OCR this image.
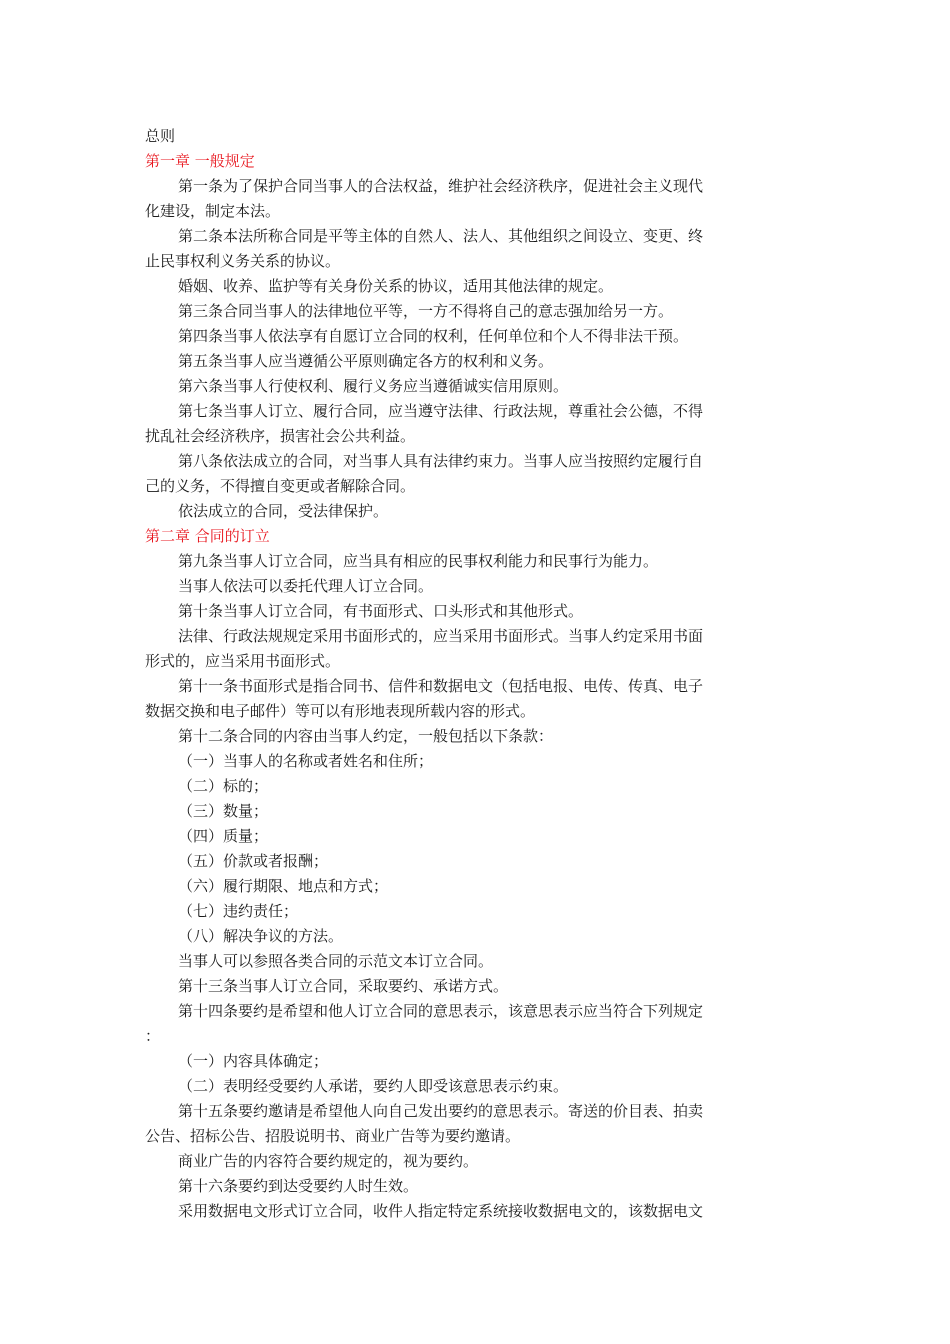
总则
第一章 一般规定
第一条为了保护合同当事人的合法权益，维护社会经济秩序，促进社会主义现代
化建设，制定本法。
第二条本法所称合同是平等主体的自然人、法人、其他组织之间设立、变更、终
止民事权利义务关系的协议。
婚姻、收养、监护等有关身份关系的协议，适用其他法律的规定。
第三条合同当事人的法律地位平等，一方不得将自己的意志强加给另一方。
第四条当事人依法享有自愿订立合同的权利，任何单位和个人不得非法干预。
第五条当事人应当遵循公平原则确定各方的权利和义务。
第六条当事人行使权利、履行义务应当遵循诚实信用原则。
第七条当事人订立、履行合同，应当遵守法律、行政法规，尊重社会公德，不得
扰乱社会经济秩序，损害社会公共利益。
第八条依法成立的合同，对当事人具有法律约束力。当事人应当按照约定履行自
己的义务，不得擅自变更或者解除合同。
依法成立的合同，受法律保护。
第二章 合同的订立
第九条当事人订立合同，应当具有相应的民事权利能力和民事行为能力。
当事人依法可以委托代理人订立合同。
第十条当事人订立合同，有书面形式、口头形式和其他形式。
法律、行政法规规定采用书面形式的，应当采用书面形式。当事人约定采用书面
形式的，应当采用书面形式。
第十一条书面形式是指合同书、信件和数据电文（包括电报、电传、传真、电子
数据交换和电子邮件）等可以有形地表现所载内容的形式。
第十二条合同的内容由当事人约定，一般包括以下条款：
（一）当事人的名称或者姓名和住所；
（二）标的；
（三）数量；
（四）质量；
（五）价款或者报酬；
（六）履行期限、地点和方式；
（七）违约责任；
（八）解决争议的方法。
当事人可以参照各类合同的示范文本订立合同。
第十三条当事人订立合同，采取要约、承诺方式。
第十四条要约是希望和他人订立合同的意思表示，该意思表示应当符合下列规定
：
（一）内容具体确定；
（二）表明经受要约人承诺，要约人即受该意思表示约束。
第十五条要约邀请是希望他人向自己发出要约的意思表示。寄送的价目表、拍卖
公告、招标公告、招股说明书、商业广告等为要约邀请。
商业广告的内容符合要约规定的，视为要约。
第十六条要约到达受要约人时生效。
采用数据电文形式订立合同，收件人指定特定系统接收数据电文的，该数据电文
